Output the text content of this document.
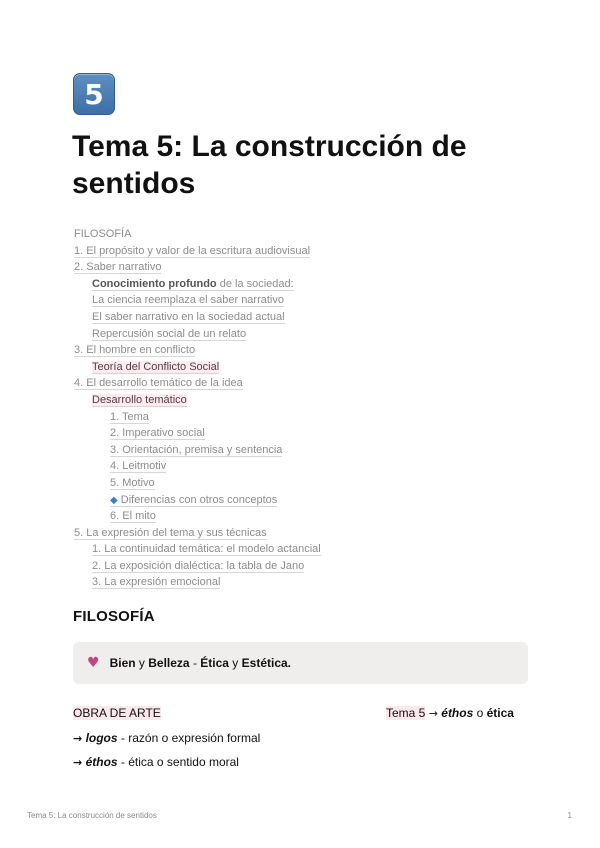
5
Tema 5: La construcción de sentidos
FILOSOFÍA
1. El propósito y valor de la escritura audiovisual
2. Saber narrativo
Conocimiento profundo de la sociedad:
La ciencia reemplaza el saber narrativo
El saber narrativo en la sociedad actual
Repercusión social de un relato
3. El hombre en conflicto
Teoría del Conflicto Social
4. El desarrollo temático de la idea
Desarrollo temático
1. Tema
2. Imperativo social
3. Orientación, premisa y sentencia
4. Leitmotiv
5. Motivo
◆ Diferencias con otros conceptos
6. El mito
5. La expresión del tema y sus técnicas
1. La continuidad temática: el modelo actancial
2. La exposición dialéctica: la tabla de Jano
3. La expresión emocional
FILOSOFÍA
♥ Bien y Belleza - Ética y Estética.
OBRA DE ARTE	Tema 5 → éthos o ética
→ logos - razón o expresión formal
→ éthos - ética o sentido moral
Tema 5: La construcción de sentidos	1
